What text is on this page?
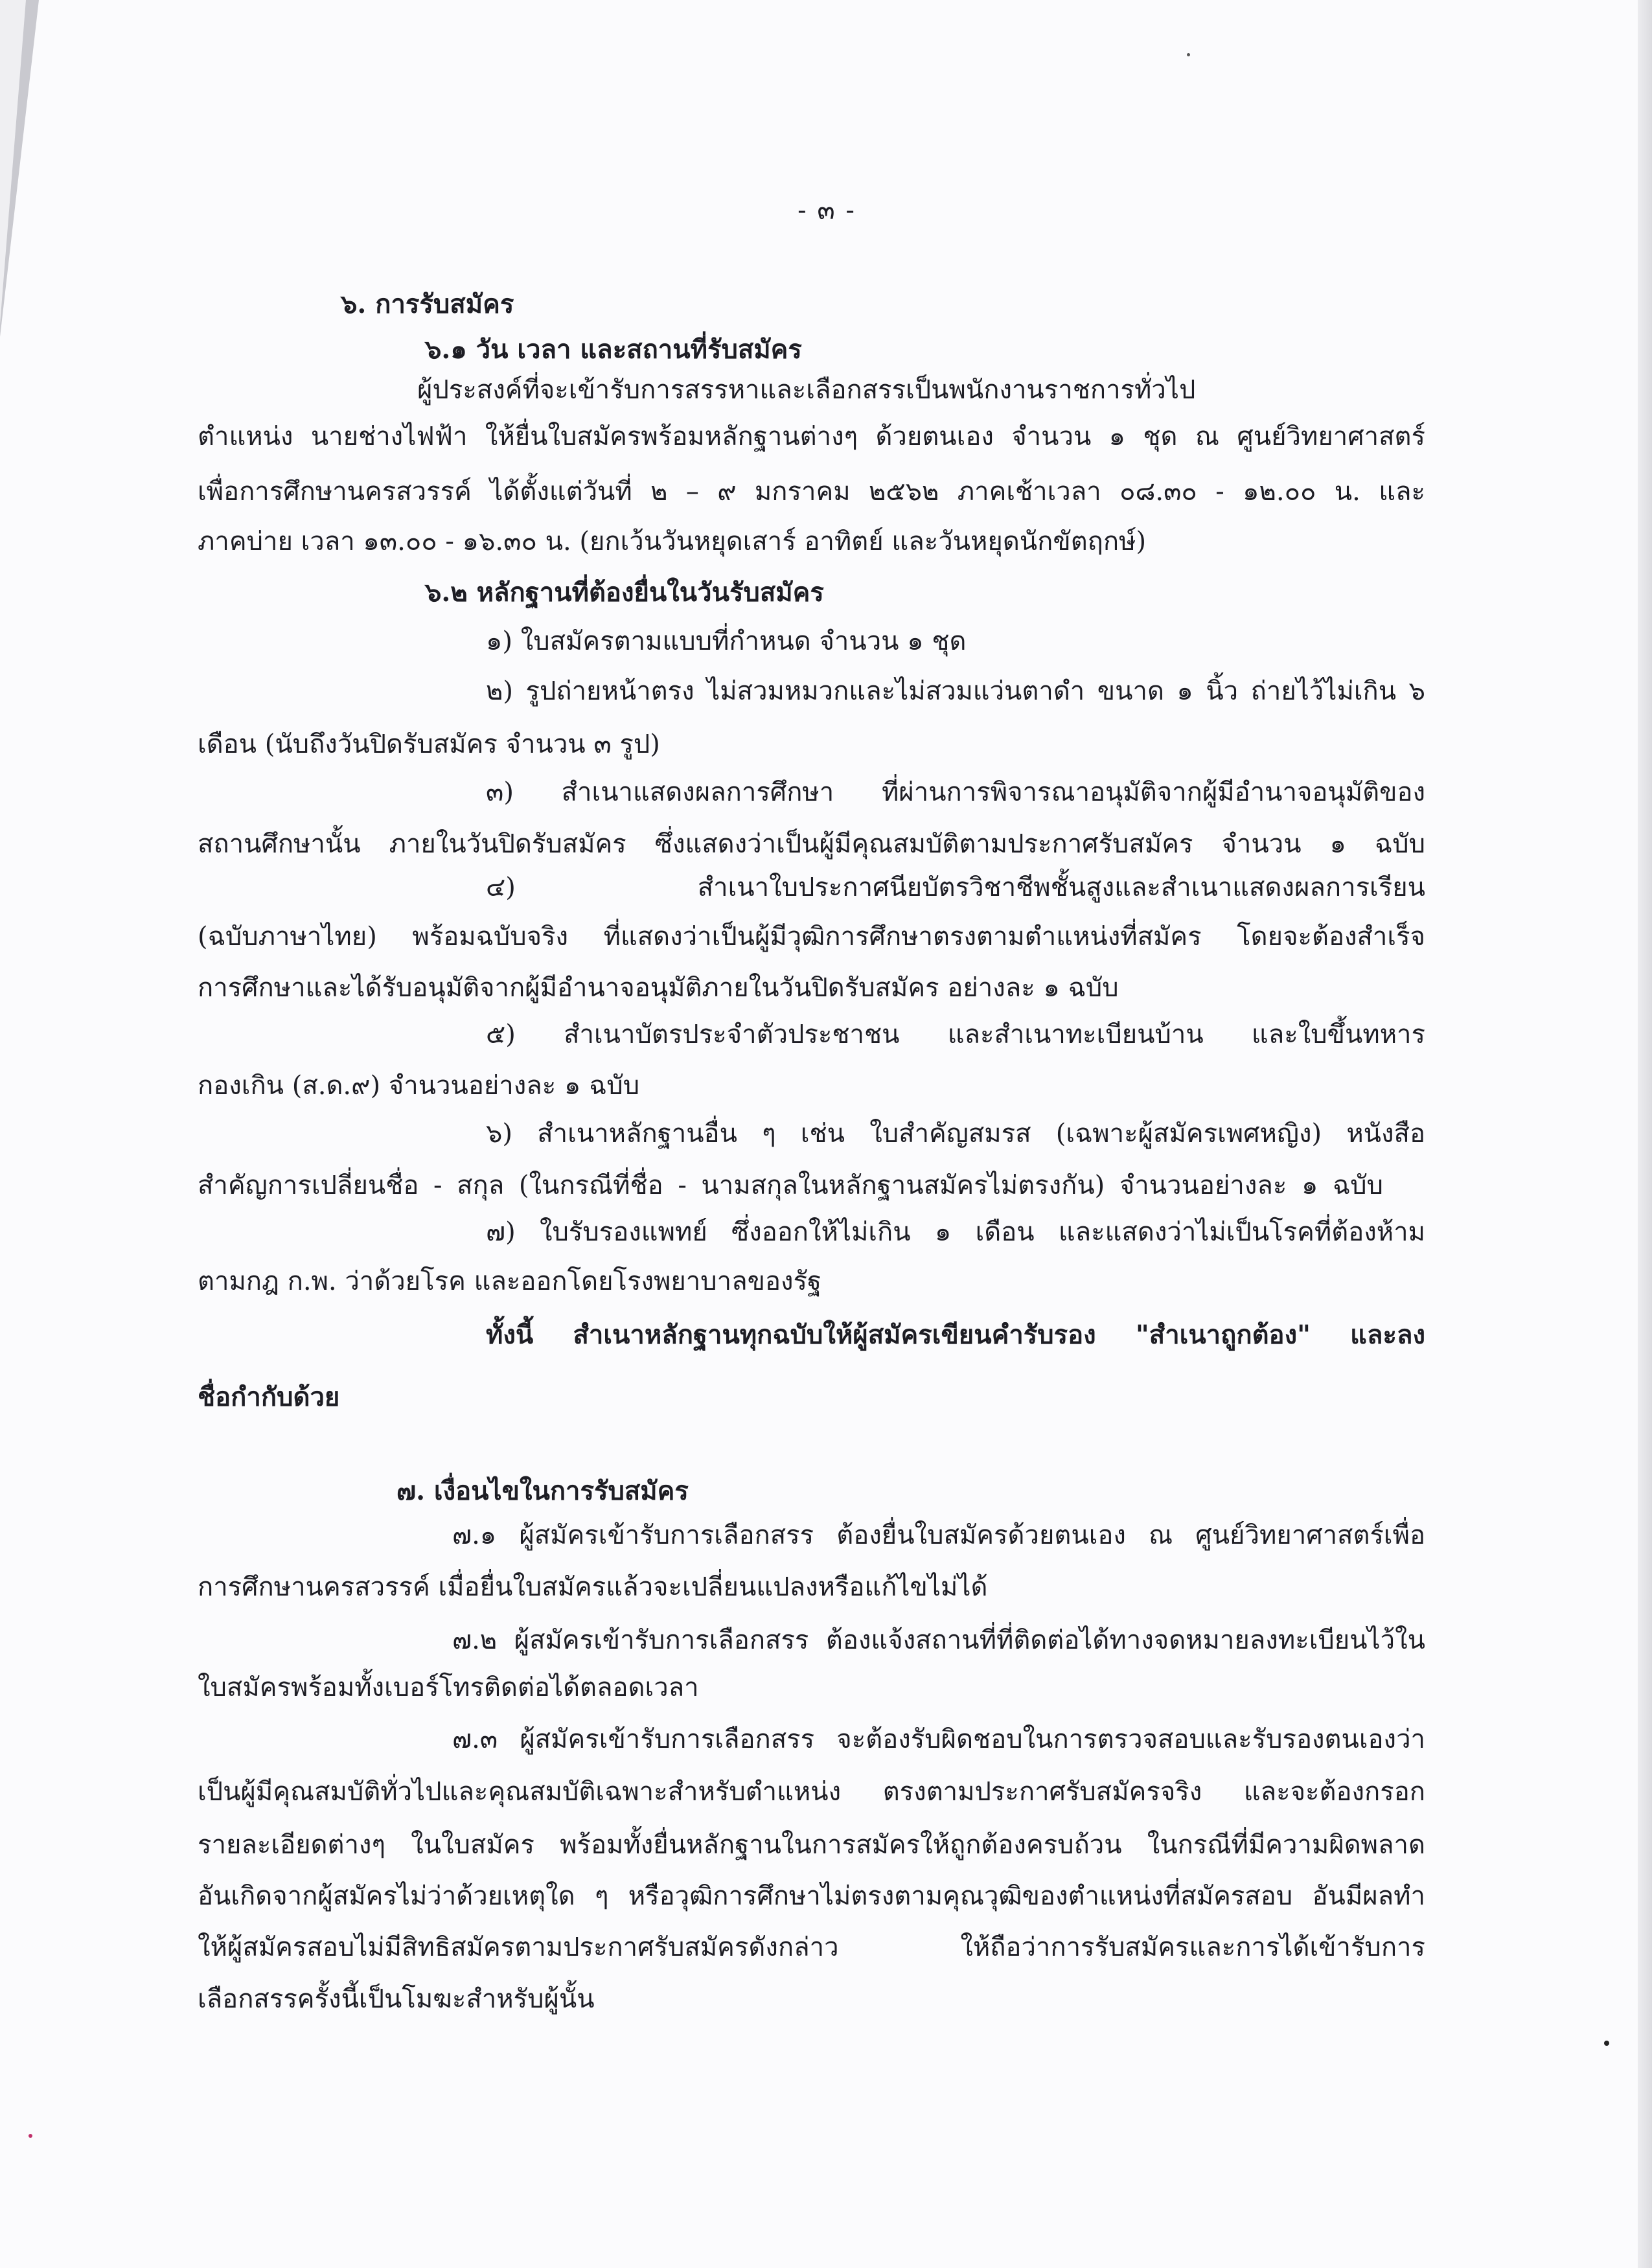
- ๓ -
๖. การรับสมัคร
๖.๑ วัน เวลา และสถานที่รับสมัคร
ผู้ประสงค์ที่จะเข้ารับการสรรหาและเลือกสรรเป็นพนักงานราชการทั่วไป
ตำแหน่ง นายช่างไฟฟ้า ให้ยื่นใบสมัครพร้อมหลักฐานต่างๆ ด้วยตนเอง จำนวน ๑ ชุด ณ ศูนย์วิทยาศาสตร์
เพื่อการศึกษานครสวรรค์ ได้ตั้งแต่วันที่ ๒ – ๙ มกราคม ๒๕๖๒ ภาคเช้าเวลา ๐๘.๓๐ - ๑๒.๐๐ น. และ
ภาคบ่าย เวลา ๑๓.๐๐ - ๑๖.๓๐ น. (ยกเว้นวันหยุดเสาร์ อาทิตย์ และวันหยุดนักขัตฤกษ์)
๖.๒ หลักฐานที่ต้องยื่นในวันรับสมัคร
๑) ใบสมัครตามแบบที่กำหนด จำนวน ๑ ชุด
๒) รูปถ่ายหน้าตรง ไม่สวมหมวกและไม่สวมแว่นตาดำ ขนาด ๑ นิ้ว ถ่ายไว้ไม่เกิน ๖
เดือน (นับถึงวันปิดรับสมัคร จำนวน ๓ รูป)
๓) สำเนาแสดงผลการศึกษา ที่ผ่านการพิจารณาอนุมัติจากผู้มีอำนาจอนุมัติของ
สถานศึกษานั้น ภายในวันปิดรับสมัคร ซึ่งแสดงว่าเป็นผู้มีคุณสมบัติตามประกาศรับสมัคร จำนวน ๑ ฉบับ
๔) สำเนาใบประกาศนียบัตรวิชาชีพชั้นสูงและสำเนาแสดงผลการเรียน
(ฉบับภาษาไทย) พร้อมฉบับจริง ที่แสดงว่าเป็นผู้มีวุฒิการศึกษาตรงตามตำแหน่งที่สมัคร โดยจะต้องสำเร็จ
การศึกษาและได้รับอนุมัติจากผู้มีอำนาจอนุมัติภายในวันปิดรับสมัคร อย่างละ ๑ ฉบับ
๕) สำเนาบัตรประจำตัวประชาชน และสำเนาทะเบียนบ้าน และใบขึ้นทหาร
กองเกิน (ส.ด.๙) จำนวนอย่างละ ๑ ฉบับ
๖) สำเนาหลักฐานอื่น ๆ เช่น ใบสำคัญสมรส (เฉพาะผู้สมัครเพศหญิง) หนังสือ
สำคัญการเปลี่ยนชื่อ - สกุล (ในกรณีที่ชื่อ - นามสกุลในหลักฐานสมัครไม่ตรงกัน) จำนวนอย่างละ ๑ ฉบับ
๗) ใบรับรองแพทย์ ซึ่งออกให้ไม่เกิน ๑ เดือน และแสดงว่าไม่เป็นโรคที่ต้องห้าม
ตามกฎ ก.พ. ว่าด้วยโรค และออกโดยโรงพยาบาลของรัฐ
ทั้งนี้ สำเนาหลักฐานทุกฉบับให้ผู้สมัครเขียนคำรับรอง "สำเนาถูกต้อง" และลง
ชื่อกำกับด้วย
๗. เงื่อนไขในการรับสมัคร
๗.๑ ผู้สมัครเข้ารับการเลือกสรร ต้องยื่นใบสมัครด้วยตนเอง ณ ศูนย์วิทยาศาสตร์เพื่อ
การศึกษานครสวรรค์ เมื่อยื่นใบสมัครแล้วจะเปลี่ยนแปลงหรือแก้ไขไม่ได้
๗.๒ ผู้สมัครเข้ารับการเลือกสรร ต้องแจ้งสถานที่ที่ติดต่อได้ทางจดหมายลงทะเบียนไว้ใน
ใบสมัครพร้อมทั้งเบอร์โทรติดต่อได้ตลอดเวลา
๗.๓ ผู้สมัครเข้ารับการเลือกสรร จะต้องรับผิดชอบในการตรวจสอบและรับรองตนเองว่า
เป็นผู้มีคุณสมบัติทั่วไปและคุณสมบัติเฉพาะสำหรับตำแหน่ง ตรงตามประกาศรับสมัครจริง และจะต้องกรอก
รายละเอียดต่างๆ ในใบสมัคร พร้อมทั้งยื่นหลักฐานในการสมัครให้ถูกต้องครบถ้วน ในกรณีที่มีความผิดพลาด
อันเกิดจากผู้สมัครไม่ว่าด้วยเหตุใด ๆ หรือวุฒิการศึกษาไม่ตรงตามคุณวุฒิของตำแหน่งที่สมัครสอบ อันมีผลทำ
ให้ผู้สมัครสอบไม่มีสิทธิสมัครตามประกาศรับสมัครดังกล่าว ให้ถือว่าการรับสมัครและการได้เข้ารับการ
เลือกสรรครั้งนี้เป็นโมฆะสำหรับผู้นั้น
